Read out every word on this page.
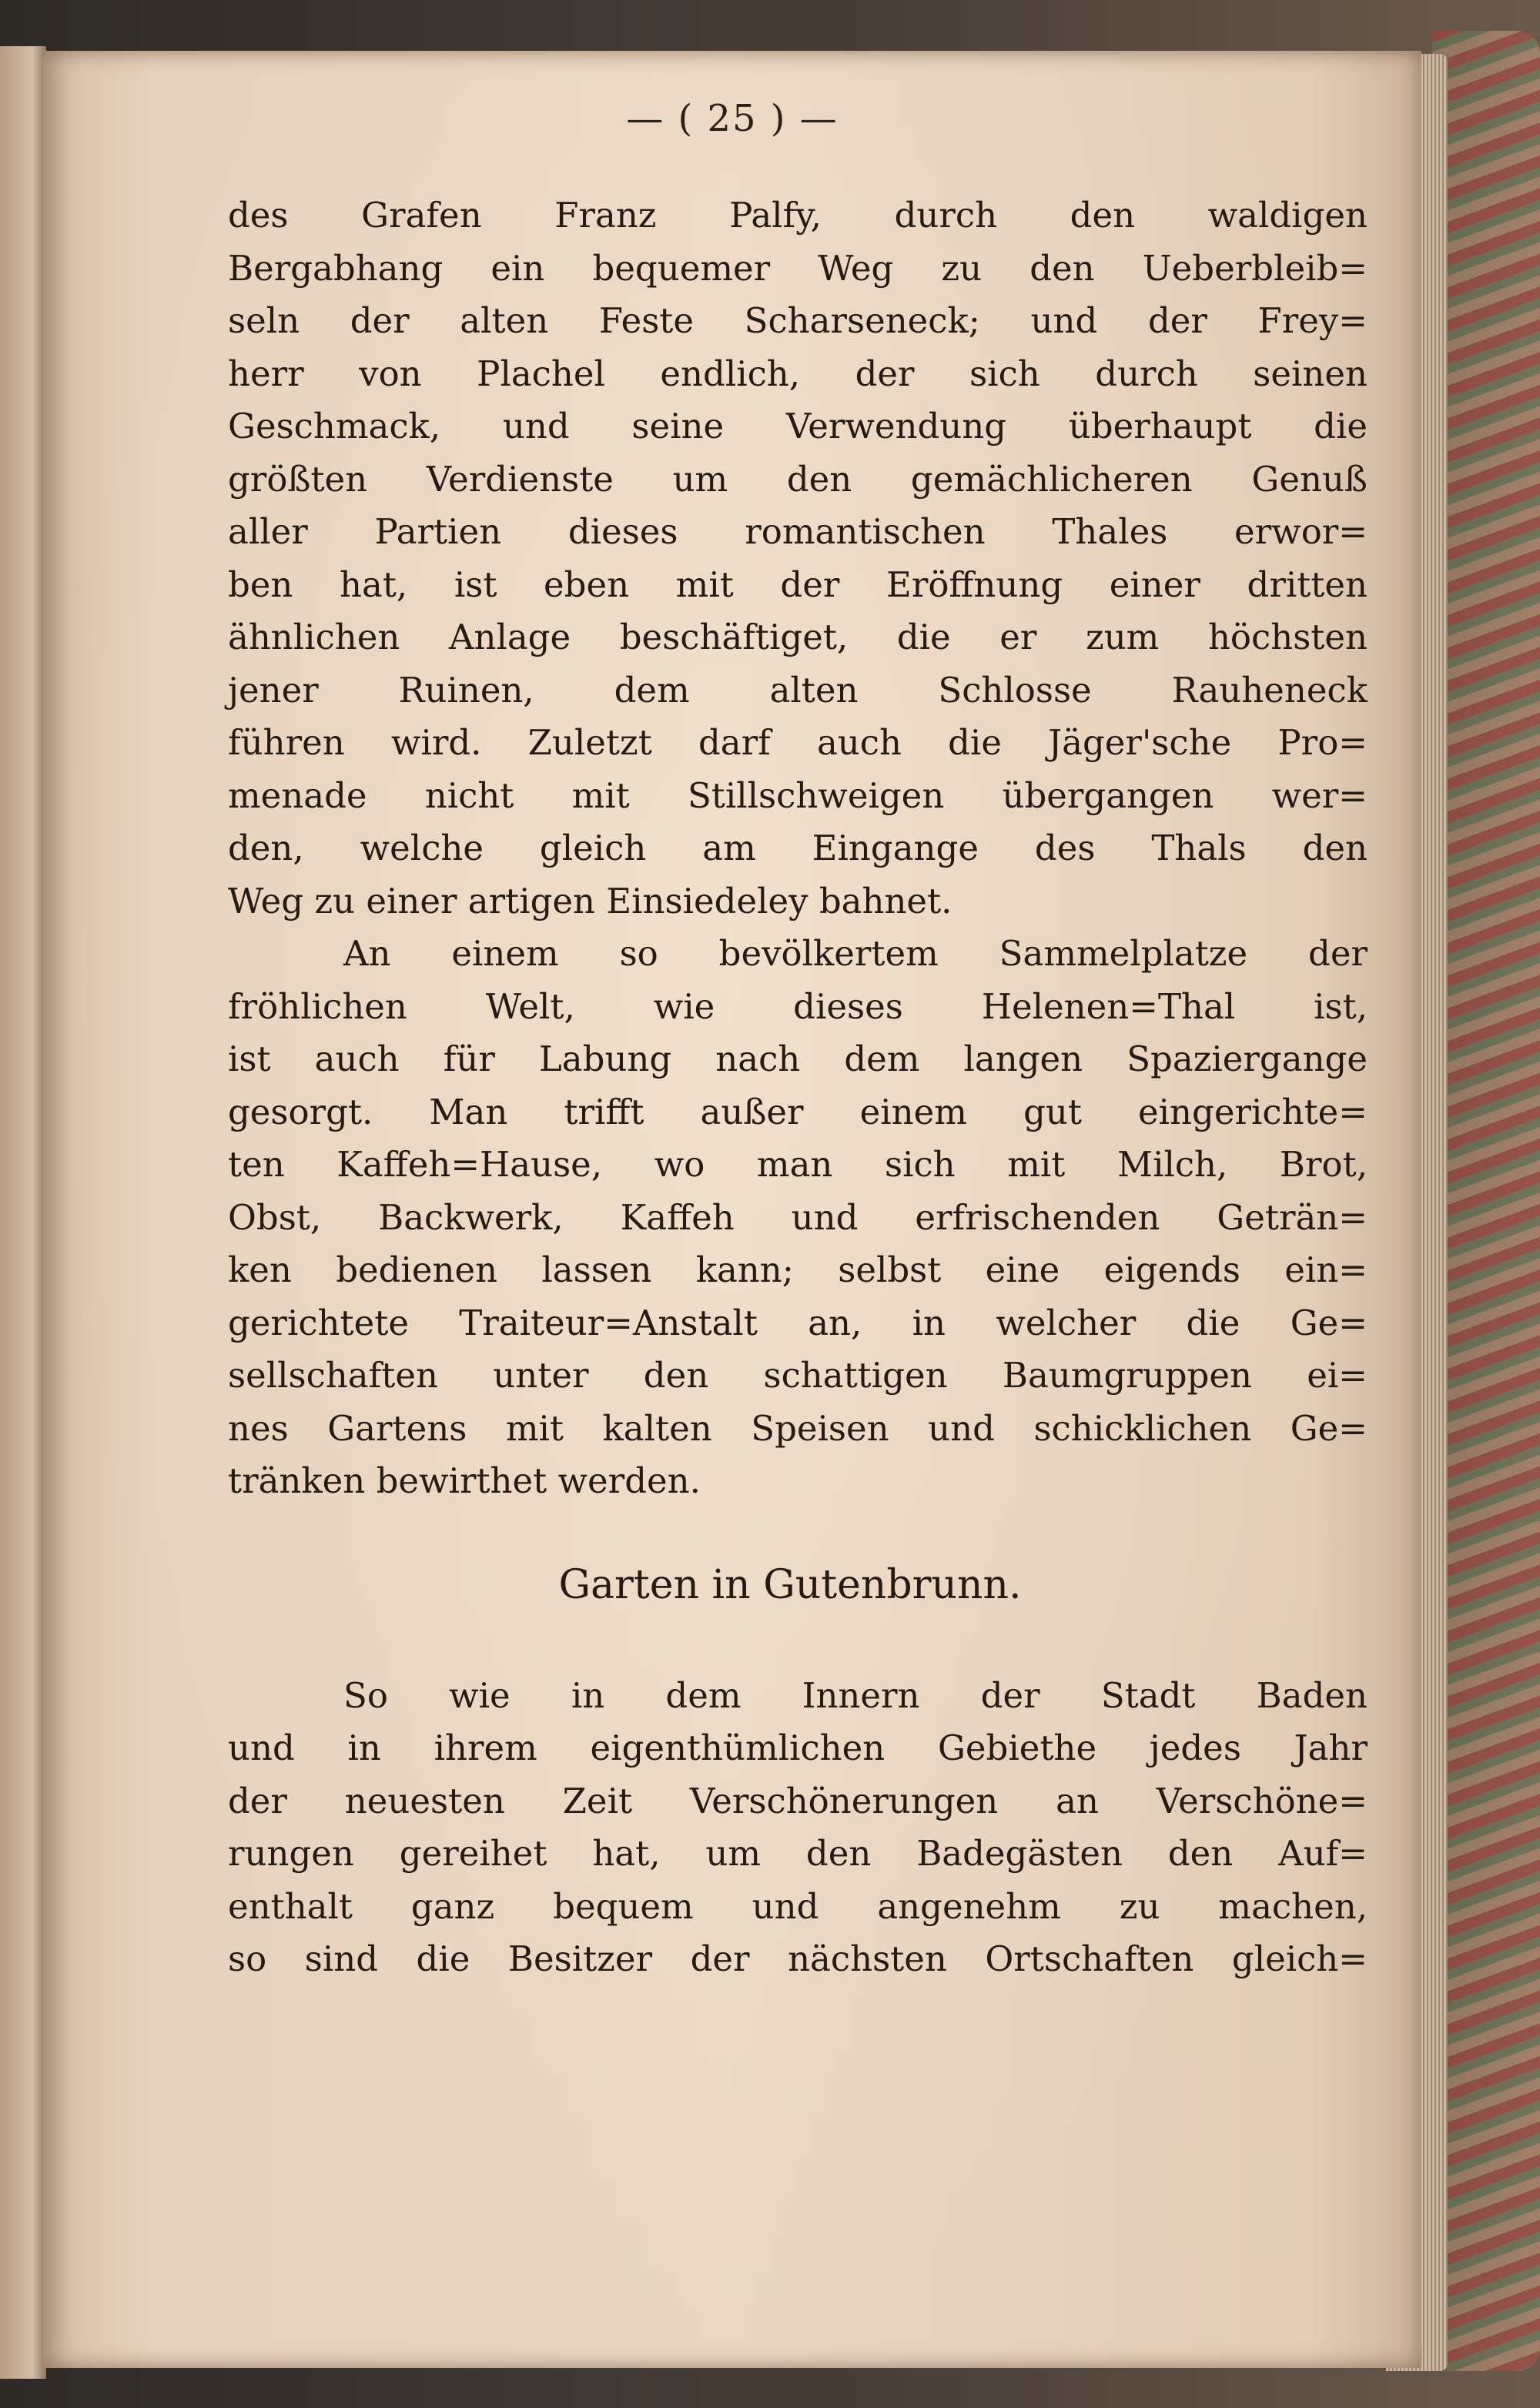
— ( 25 ) —
des Grafen Franz Palfy, durch den waldigen
Bergabhang ein bequemer Weg zu den Ueberbleib=
seln der alten Feste Scharseneck; und der Frey=
herr von Plachel endlich, der sich durch seinen
Geschmack, und seine Verwendung überhaupt die
größten Verdienste um den gemächlicheren Genuß
aller Partien dieses romantischen Thales erwor=
ben hat, ist eben mit der Eröffnung einer dritten
ähnlichen Anlage beschäftiget, die er zum höchsten
jener Ruinen, dem alten Schlosse Rauheneck
führen wird. Zuletzt darf auch die Jäger'sche Pro=
menade nicht mit Stillschweigen übergangen wer=
den, welche gleich am Eingange des Thals den
Weg zu einer artigen Einsiedeley bahnet.
An einem so bevölkertem Sammelplatze der
fröhlichen Welt, wie dieses Helenen=Thal ist,
ist auch für Labung nach dem langen Spaziergange
gesorgt. Man trifft außer einem gut eingerichte=
ten Kaffeh=Hause, wo man sich mit Milch, Brot,
Obst, Backwerk, Kaffeh und erfrischenden Geträn=
ken bedienen lassen kann; selbst eine eigends ein=
gerichtete Traiteur=Anstalt an, in welcher die Ge=
sellschaften unter den schattigen Baumgruppen ei=
nes Gartens mit kalten Speisen und schicklichen Ge=
tränken bewirthet werden.
Garten in Gutenbrunn.
So wie in dem Innern der Stadt Baden
und in ihrem eigenthümlichen Gebiethe jedes Jahr
der neuesten Zeit Verschönerungen an Verschöne=
rungen gereihet hat, um den Badegästen den Auf=
enthalt ganz bequem und angenehm zu machen,
so sind die Besitzer der nächsten Ortschaften gleich=
